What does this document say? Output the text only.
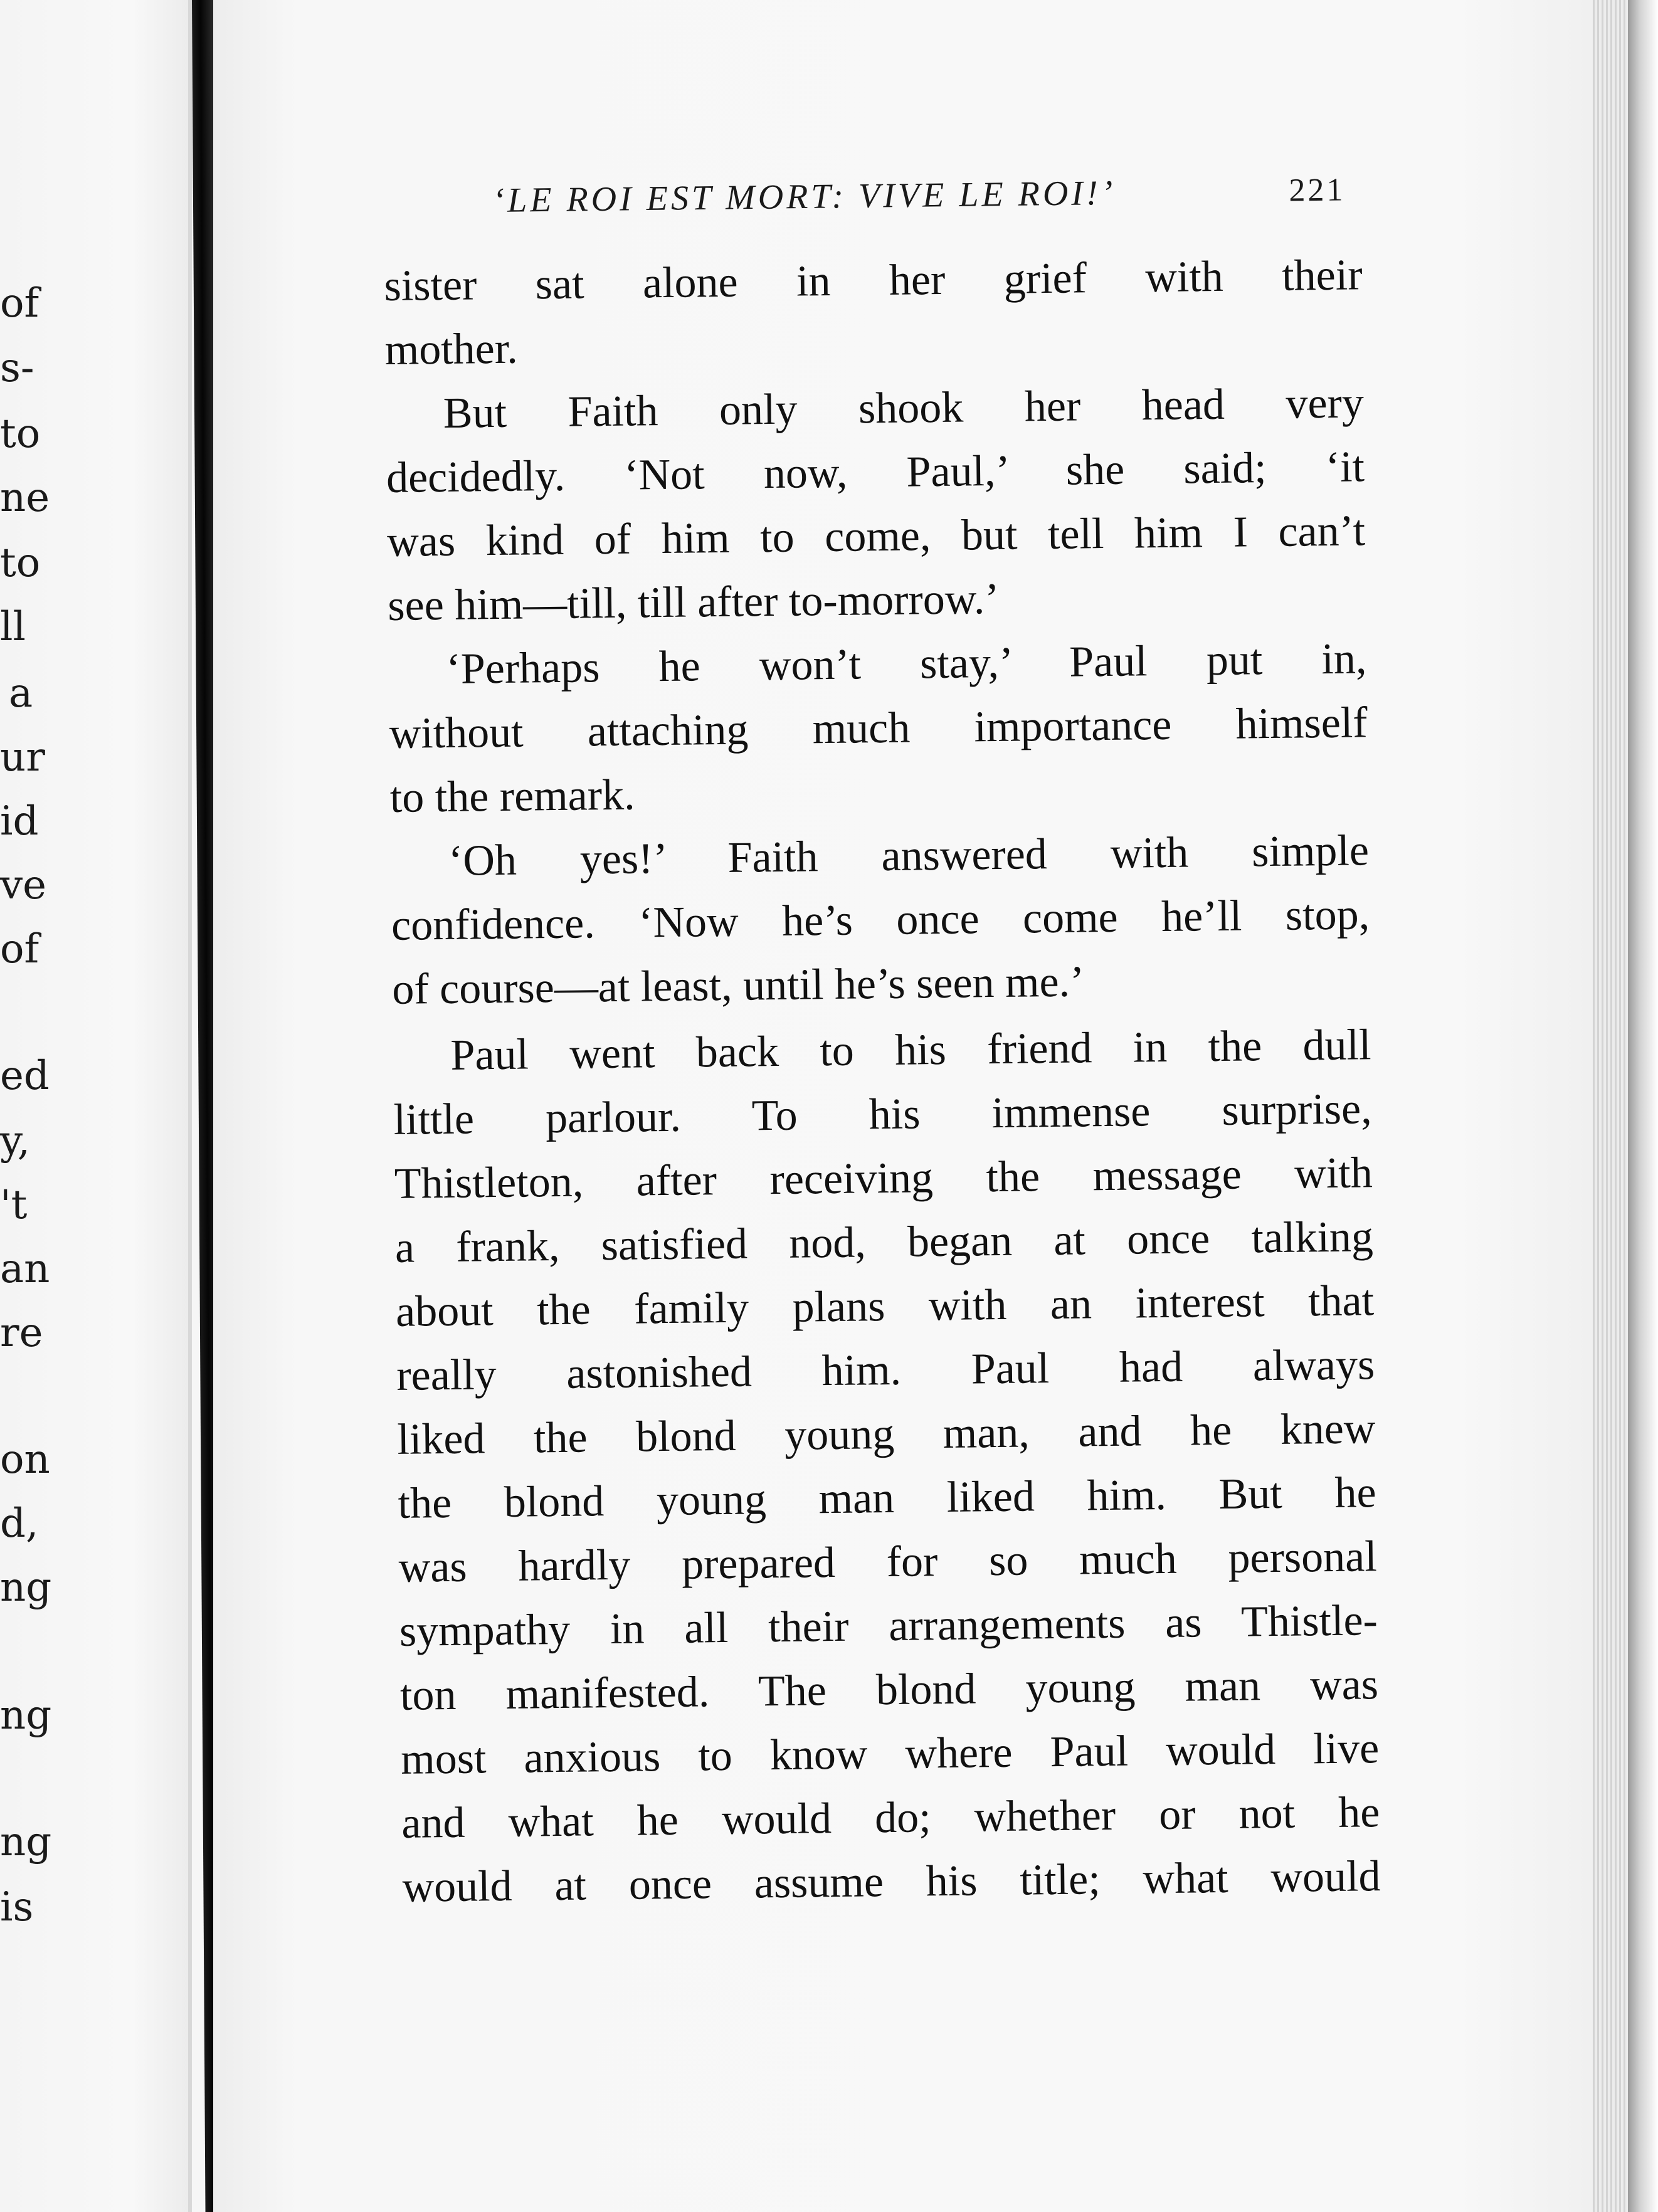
of
s-
to
ne
to
ll
a
ur
id
ve
of
ed
y,
't
an
re
on
d,
ng
ng
ng
is
‘LE ROI EST MORT: VIVE LE ROI!’	221
sister sat alone in her grief with their
mother.
But Faith only shook her head very
decidedly. ‘Not now, Paul,’ she said; ‘it
was kind of him to come, but tell him I can’t
see him—till, till after to-morrow.’
‘Perhaps he won’t stay,’ Paul put in,
without attaching much importance himself
to the remark.
‘Oh yes!’ Faith answered with simple
confidence. ‘Now he’s once come he’ll stop,
of course—at least, until he’s seen me.’
Paul went back to his friend in the dull
little parlour. To his immense surprise,
Thistleton, after receiving the message with
a frank, satisfied nod, began at once talking
about the family plans with an interest that
really astonished him. Paul had always
liked the blond young man, and he knew
the blond young man liked him. But he
was hardly prepared for so much personal
sympathy in all their arrangements as Thistle-
ton manifested. The blond young man was
most anxious to know where Paul would live
and what he would do; whether or not he
would at once assume his title; what would
